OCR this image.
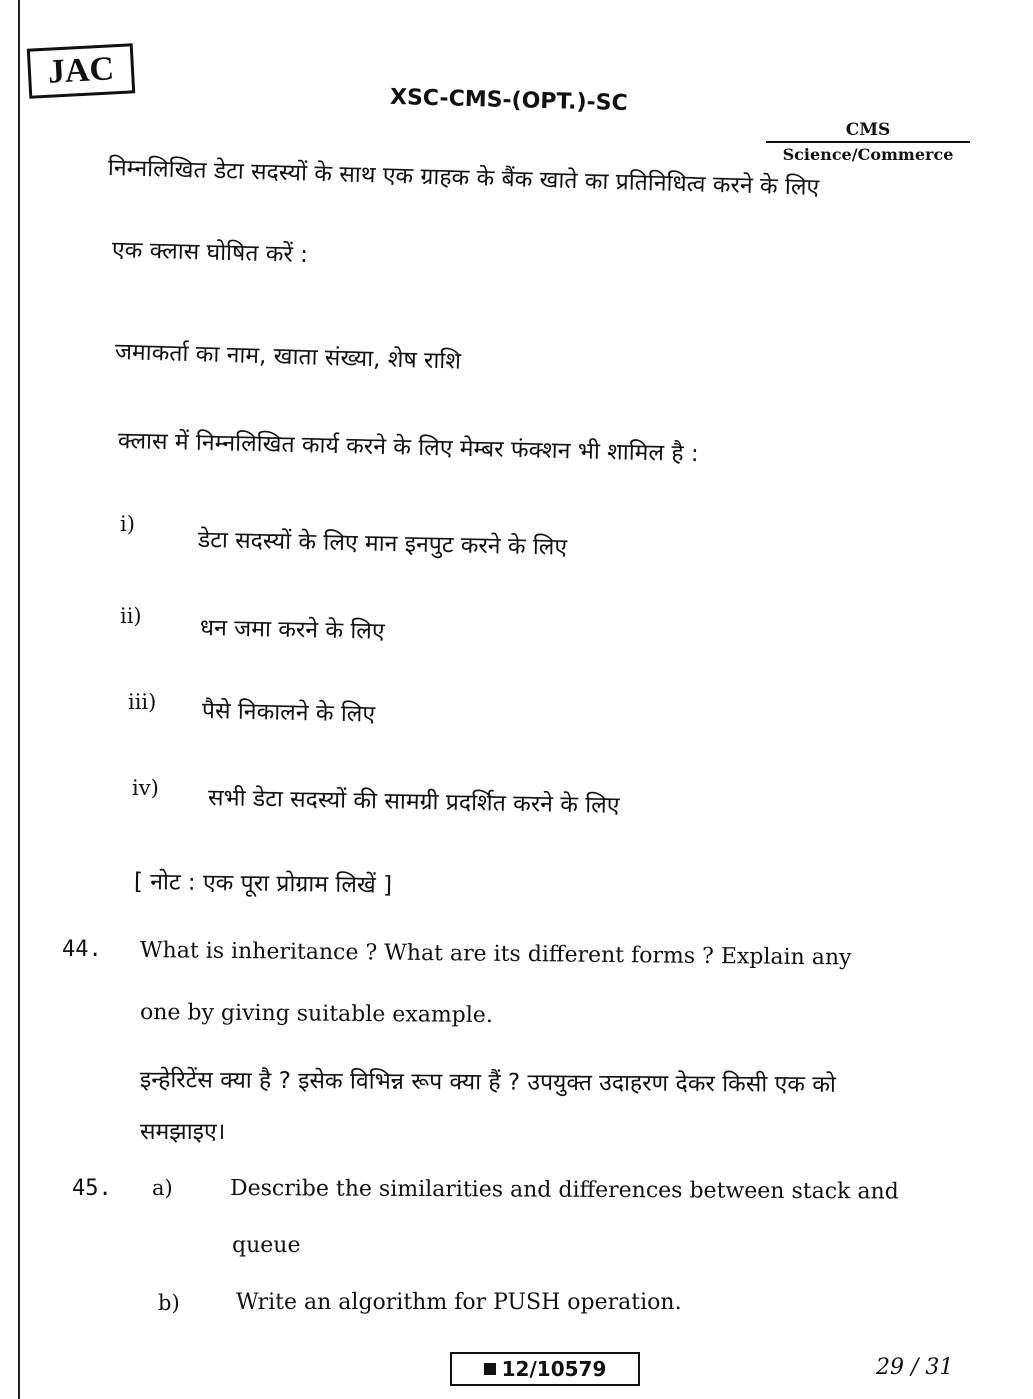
JAC
XSC-CMS-(OPT.)-SC
CMS
Science/Commerce
निम्नलिखित डेटा सदस्यों के साथ एक ग्राहक के बैंक खाते का प्रतिनिधित्व करने के लिए
एक क्लास घोषित करें :
जमाकर्ता का नाम, खाता संख्या, शेष राशि
क्लास में निम्नलिखित कार्य करने के लिए मेम्बर फंक्शन भी शामिल है :
i)
डेटा सदस्यों के लिए मान इनपुट करने के लिए
ii)	धन जमा करने के लिए
iii) पैसे निकालने के लिए
iv) सभी डेटा सदस्यों की सामग्री प्रदर्शित करने के लिए
[ नोट : एक पूरा प्रोग्राम लिखें ]
44. What is inheritance ? What are its different forms ? Explain any
one by giving suitable example.
इन्हेरिटेंस क्या है ? इसेक विभिन्न रूप क्या हैं ? उपयुक्त उदाहरण देकर किसी एक को
समझाइए।
45. a)	Describe the similarities and differences between stack and
queue
b)	Write an algorithm for PUSH operation.
12/10579	29 / 31
